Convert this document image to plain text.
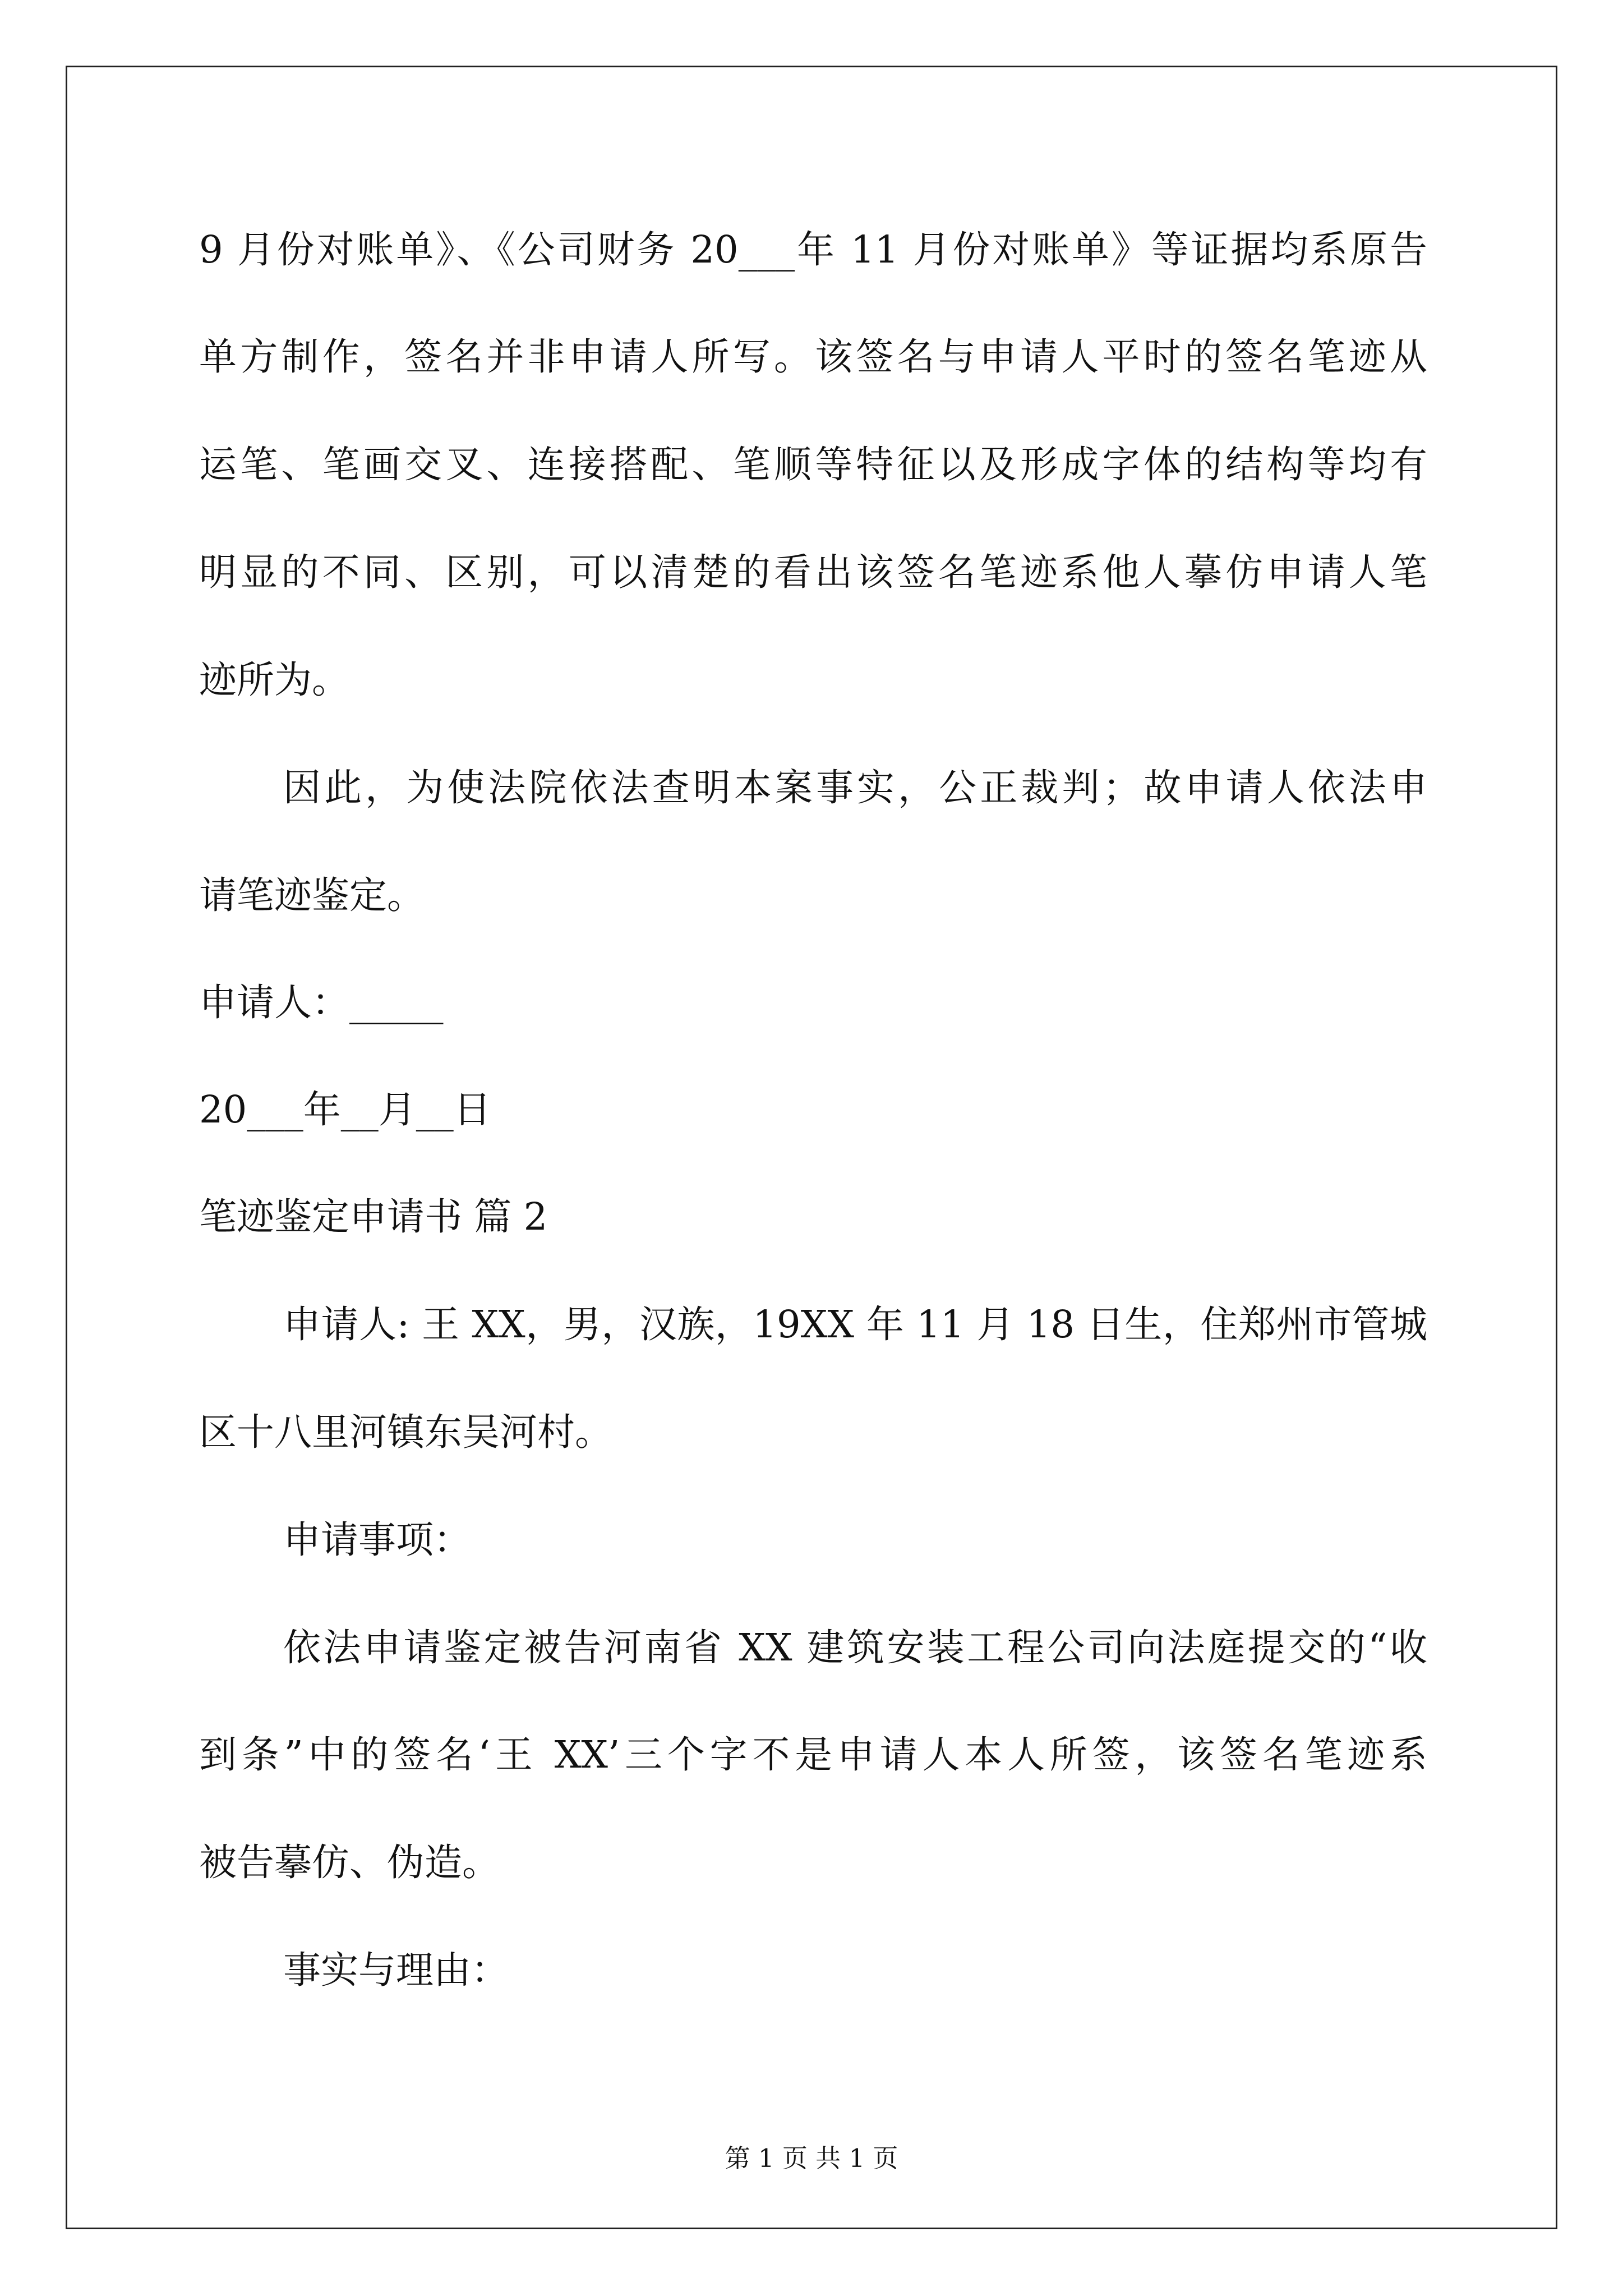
9 月份对账单》、《公司财务 20___年 11 月份对账单》等证据均系原告
单方制作，签名并非申请人所写。该签名与申请人平时的签名笔迹从
运笔、笔画交叉、连接搭配、笔顺等特征以及形成字体的结构等均有
明显的不同、区别，可以清楚的看出该签名笔迹系他人摹仿申请人笔
迹所为。
因此，为使法院依法查明本案事实，公正裁判；故申请人依法申
请笔迹鉴定。
申请人：_____
20___年__月__日
笔迹鉴定申请书 篇 2
申请人: 王 XX，男，汉族，19XX 年 11 月 18 日生，住郑州市管城
区十八里河镇东吴河村。
申请事项：
依法申请鉴定被告河南省 XX 建筑安装工程公司向法庭提交的“收
到条”中的签名‘王 XX’三个字不是申请人本人所签，该签名笔迹系
被告摹仿、伪造。
事实与理由：
第 1 页 共 1 页
